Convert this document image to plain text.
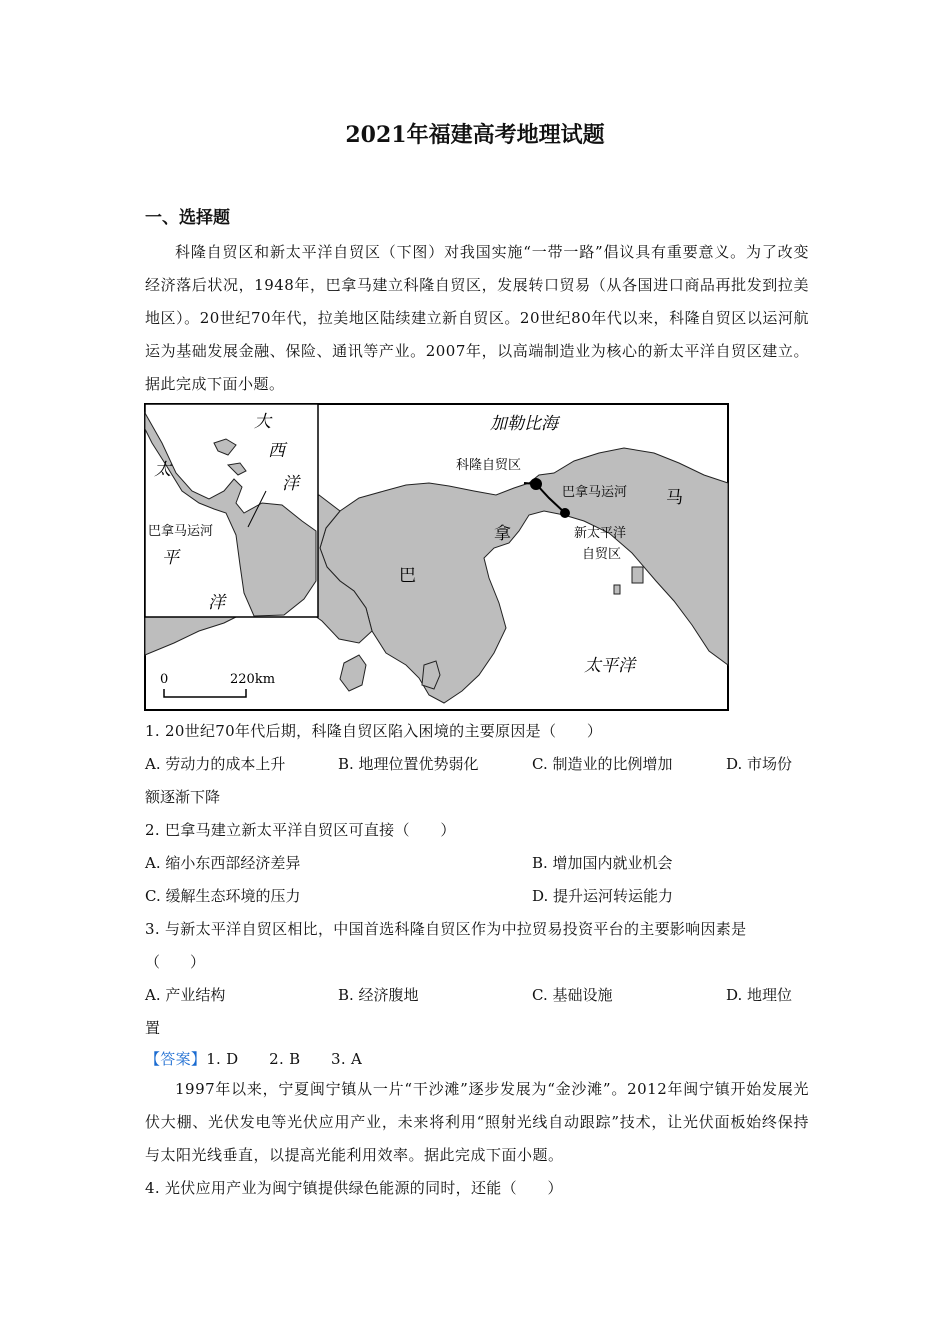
2021年福建高考地理试题
一、选择题
科隆自贸区和新太平洋自贸区（下图）对我国实施“一带一路”倡议具有重要意义。为了改变经济落后状况，1948年，巴拿马建立科隆自贸区，发展转口贸易（从各国进口商品再批发到拉美地区）。20世纪70年代，拉美地区陆续建立新自贸区。20世纪80年代以来，科隆自贸区以运河航运为基础发展金融、保险、通讯等产业。2007年，以高端制造业为核心的新太平洋自贸区建立。据此完成下面小题。
大
西
洋
太
平
洋
巴拿马运河
加勒比海
科隆自贸区
巴拿马运河
新太平洋
自贸区
巴
拿
马
太平洋
0	220km
1. 20世纪70年代后期，科隆自贸区陷入困境的主要原因是（　　）
A. 劳动力的成本上升	B. 地理位置优势弱化	C. 制造业的比例增加	D. 市场份
额逐渐下降
2. 巴拿马建立新太平洋自贸区可直接（　　）
A. 缩小东西部经济差异	B. 增加国内就业机会
C. 缓解生态环境的压力	D. 提升运河转运能力
3. 与新太平洋自贸区相比，中国首选科隆自贸区作为中拉贸易投资平台的主要影响因素是
（　　）
A. 产业结构	B. 经济腹地	C. 基础设施	D. 地理位
置
【答案】1. D　　2. B　　3. A
1997年以来，宁夏闽宁镇从一片“干沙滩”逐步发展为“金沙滩”。2012年闽宁镇开始发展光伏大棚、光伏发电等光伏应用产业，未来将利用“照射光线自动跟踪”技术，让光伏面板始终保持与太阳光线垂直，以提高光能利用效率。据此完成下面小题。
4. 光伏应用产业为闽宁镇提供绿色能源的同时，还能（　　）
